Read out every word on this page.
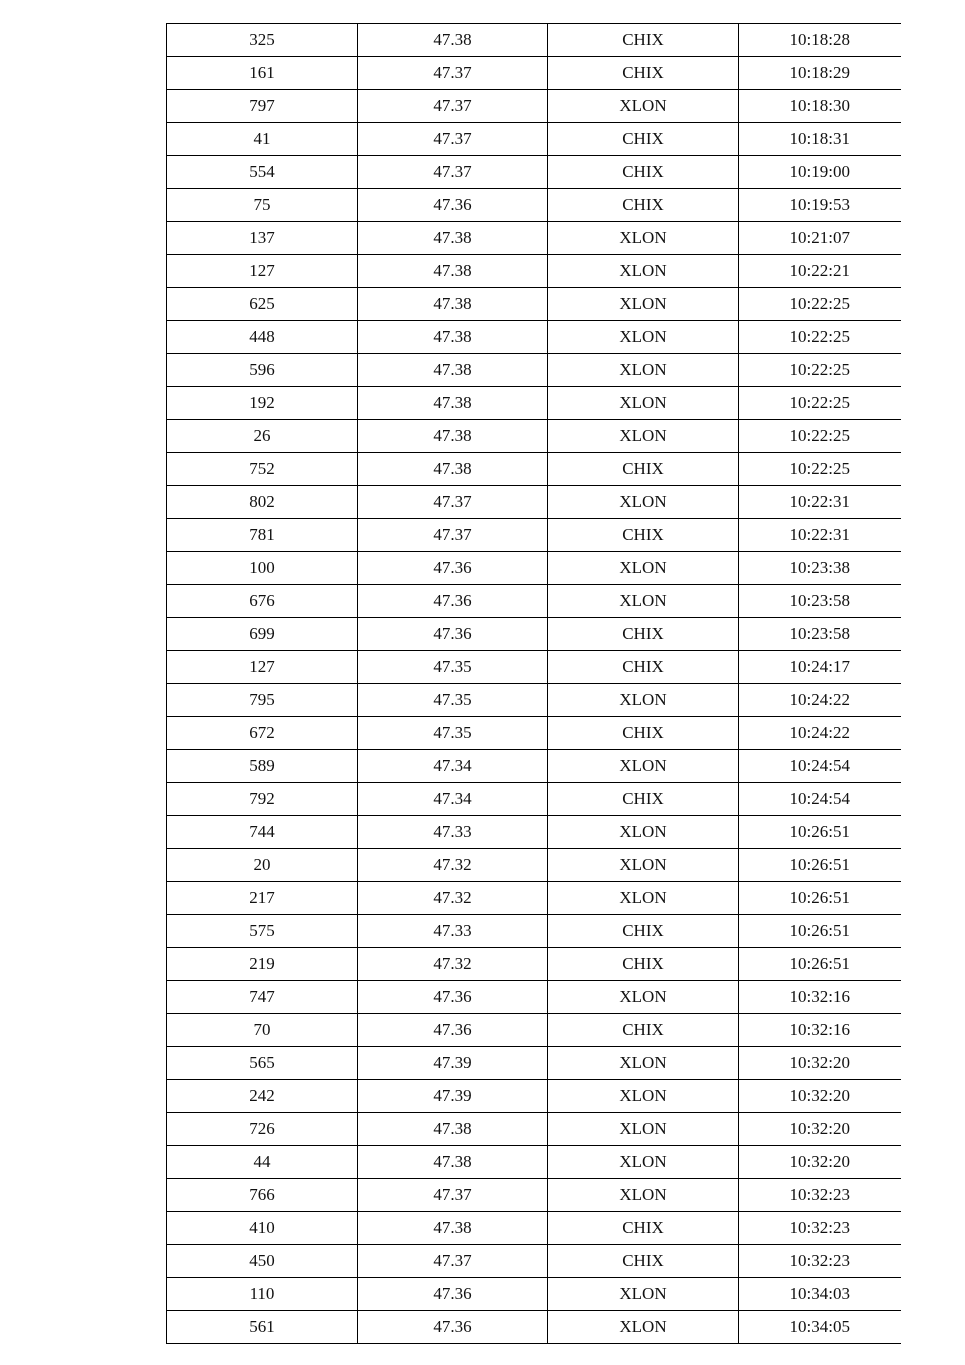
325	47.38	CHIX	10:18:28
161	47.37	CHIX	10:18:29
797	47.37	XLON	10:18:30
41	47.37	CHIX	10:18:31
554	47.37	CHIX	10:19:00
75	47.36	CHIX	10:19:53
137	47.38	XLON	10:21:07
127	47.38	XLON	10:22:21
625	47.38	XLON	10:22:25
448	47.38	XLON	10:22:25
596	47.38	XLON	10:22:25
192	47.38	XLON	10:22:25
26	47.38	XLON	10:22:25
752	47.38	CHIX	10:22:25
802	47.37	XLON	10:22:31
781	47.37	CHIX	10:22:31
100	47.36	XLON	10:23:38
676	47.36	XLON	10:23:58
699	47.36	CHIX	10:23:58
127	47.35	CHIX	10:24:17
795	47.35	XLON	10:24:22
672	47.35	CHIX	10:24:22
589	47.34	XLON	10:24:54
792	47.34	CHIX	10:24:54
744	47.33	XLON	10:26:51
20	47.32	XLON	10:26:51
217	47.32	XLON	10:26:51
575	47.33	CHIX	10:26:51
219	47.32	CHIX	10:26:51
747	47.36	XLON	10:32:16
70	47.36	CHIX	10:32:16
565	47.39	XLON	10:32:20
242	47.39	XLON	10:32:20
726	47.38	XLON	10:32:20
44	47.38	XLON	10:32:20
766	47.37	XLON	10:32:23
410	47.38	CHIX	10:32:23
450	47.37	CHIX	10:32:23
110	47.36	XLON	10:34:03
561	47.36	XLON	10:34:05
